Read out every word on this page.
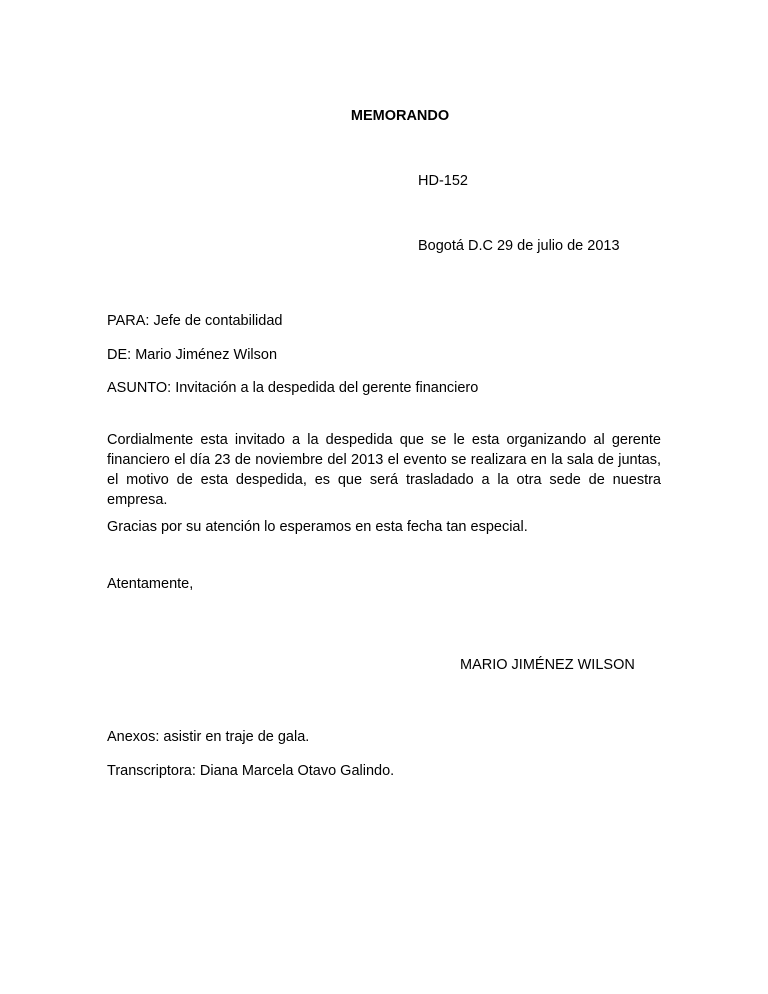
MEMORANDO
HD-152
Bogotá D.C 29 de julio de 2013
PARA: Jefe de contabilidad
DE: Mario Jiménez Wilson
ASUNTO: Invitación a la despedida del gerente financiero
Cordialmente esta invitado a la despedida que se le esta organizando al gerente financiero el día 23 de noviembre del 2013 el evento se realizara en la sala de juntas, el motivo de esta despedida, es que será trasladado a la otra sede de nuestra empresa.
Gracias por su atención lo esperamos en esta fecha tan especial.
Atentamente,
MARIO JIMÉNEZ WILSON
Anexos: asistir en traje de gala.
Transcriptora: Diana Marcela Otavo Galindo.
